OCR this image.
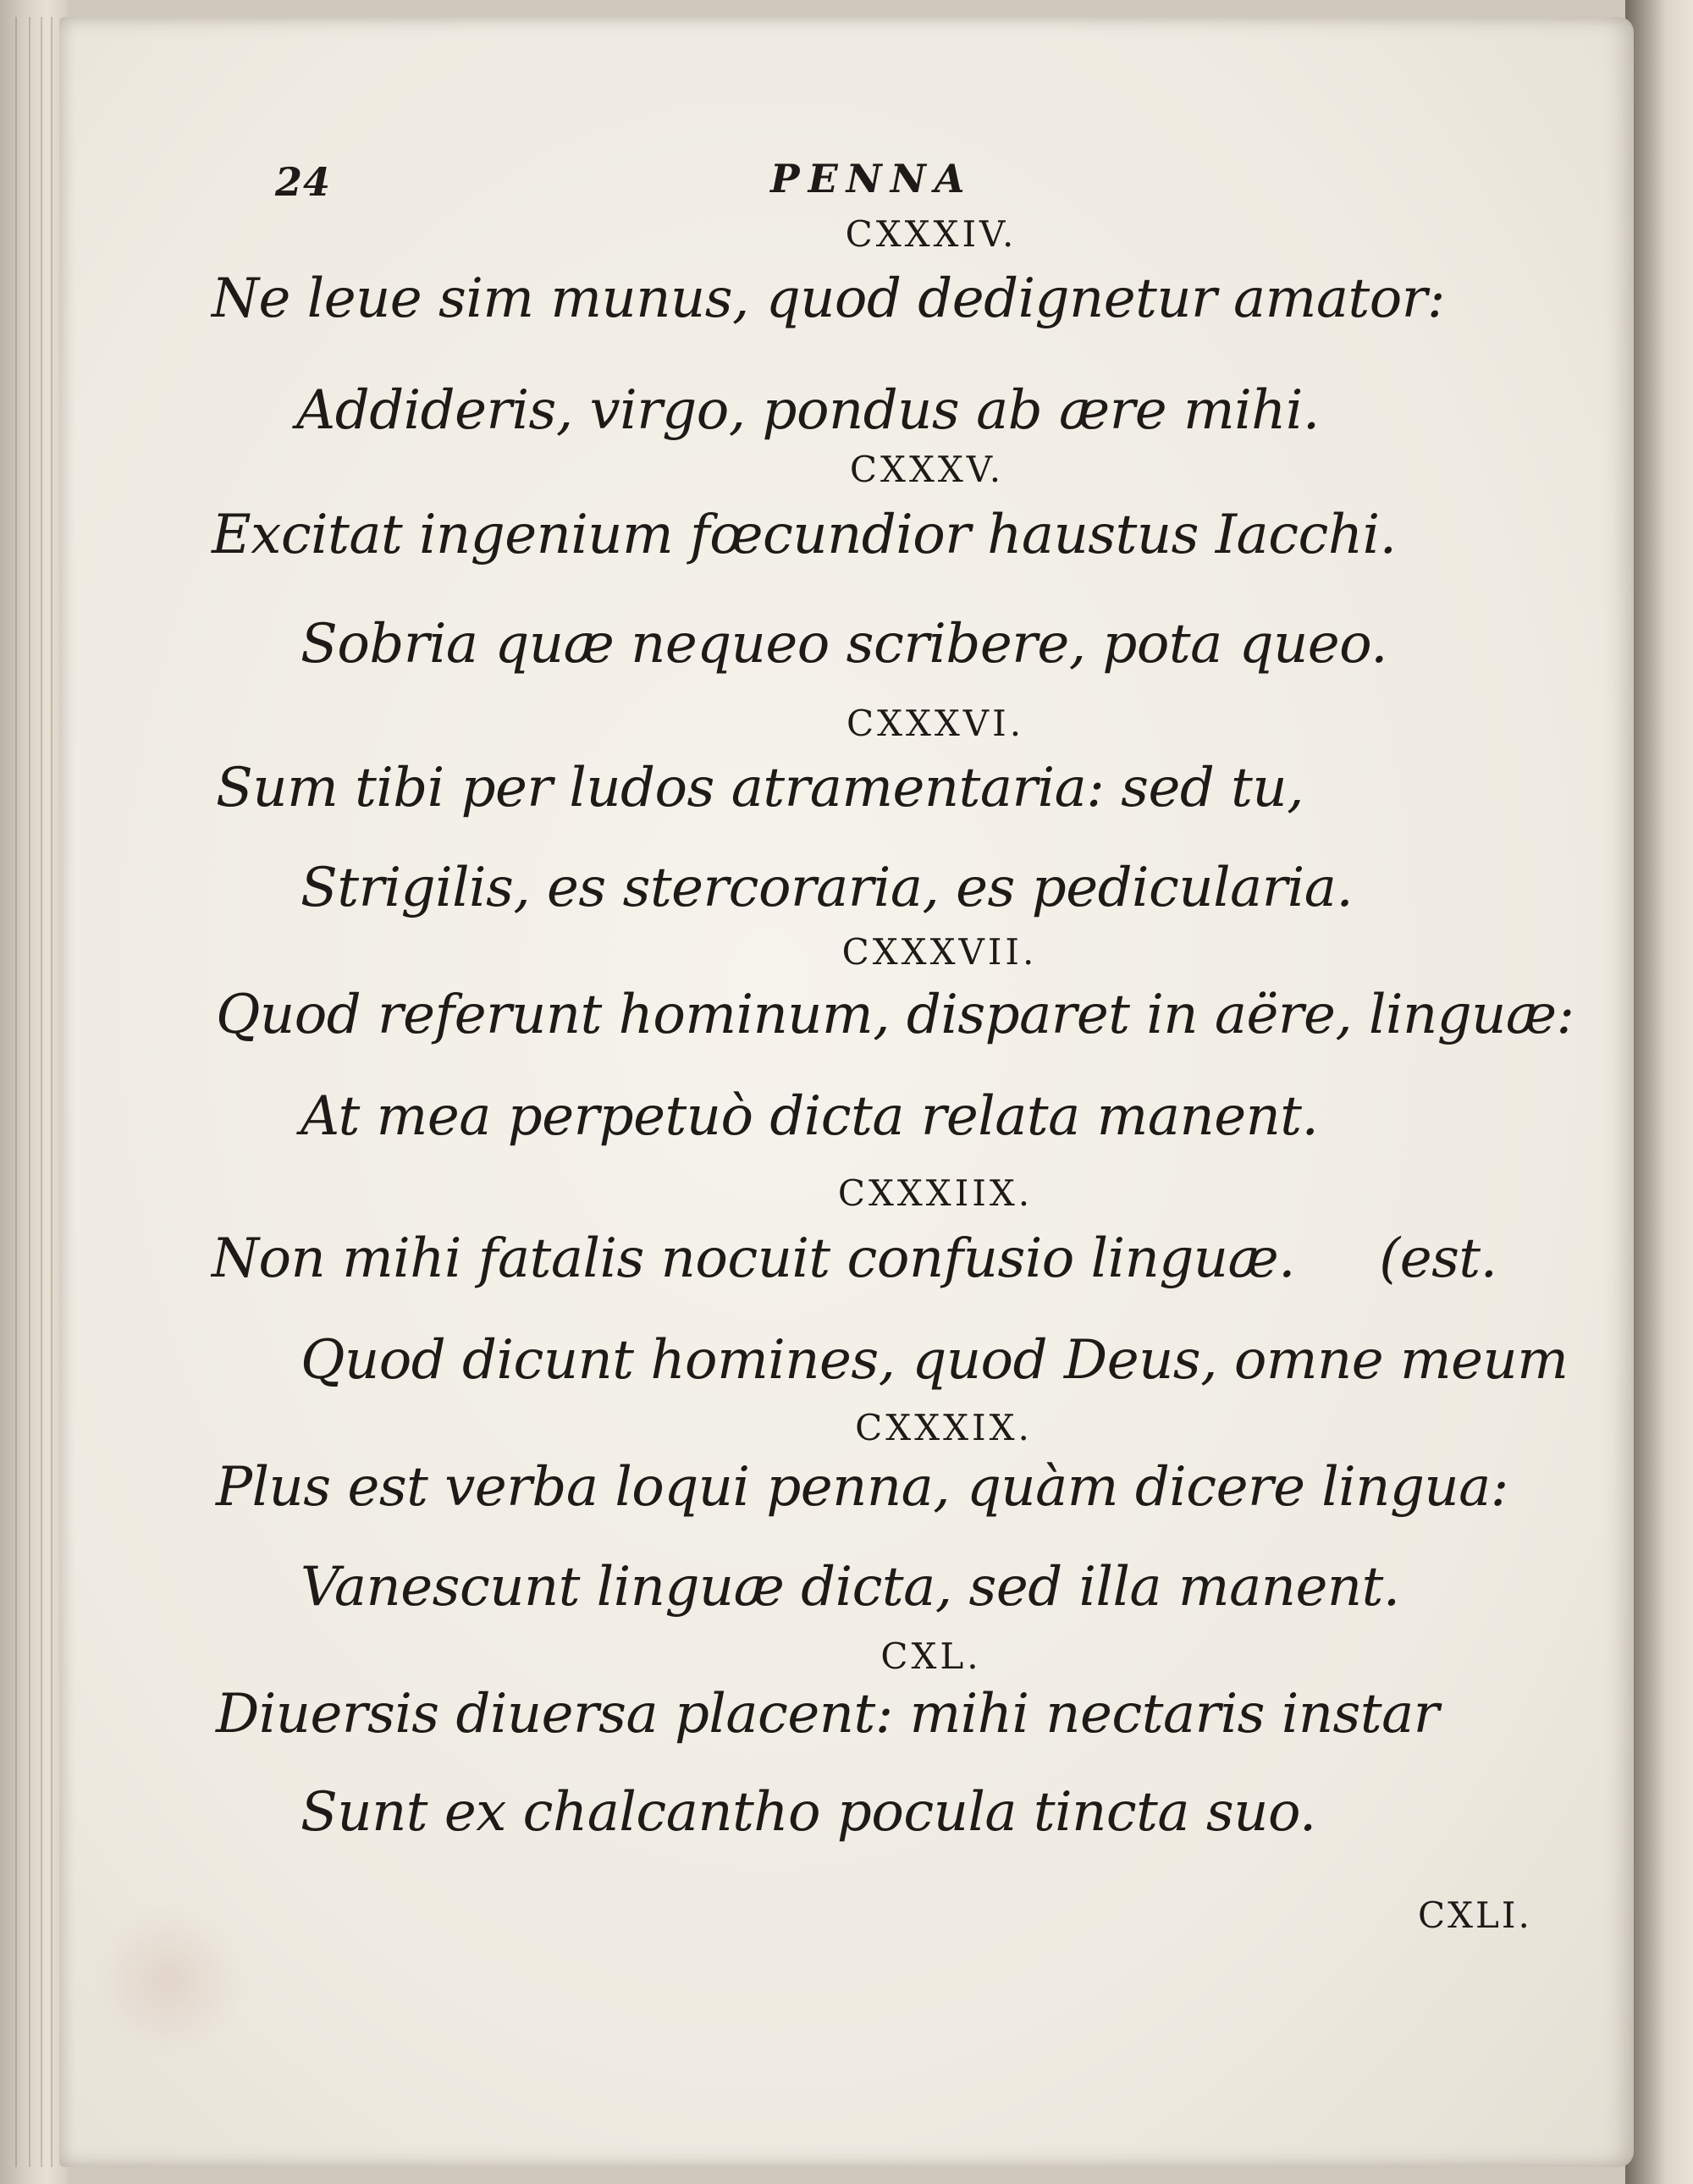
24	PENNA
CXXXIV.
Ne leue sim munus, quod dedignetur amator:
Addideris, virgo, pondus ab ære mihi.
CXXXV.
Excitat ingenium fœcundior haustus Iacchi.
Sobria quæ nequeo scribere, pota queo.
CXXXVI.
Sum tibi per ludos atramentaria: sed tu,
Strigilis, es stercoraria, es pedicularia.
CXXXVII.
Quod referunt hominum, disparet in aëre, linguæ:
At mea perpetuò dicta relata manent.
CXXXIIX.
Non mihi fatalis nocuit confusio linguæ.     (est.
Quod dicunt homines, quod Deus, omne meum
CXXXIX.
Plus est verba loqui penna, quàm dicere lingua:
Vanescunt linguæ dicta, sed illa manent.
CXL.
Diuersis diuersa placent: mihi nectaris instar
Sunt ex chalcantho pocula tincta suo.
CXLI.
